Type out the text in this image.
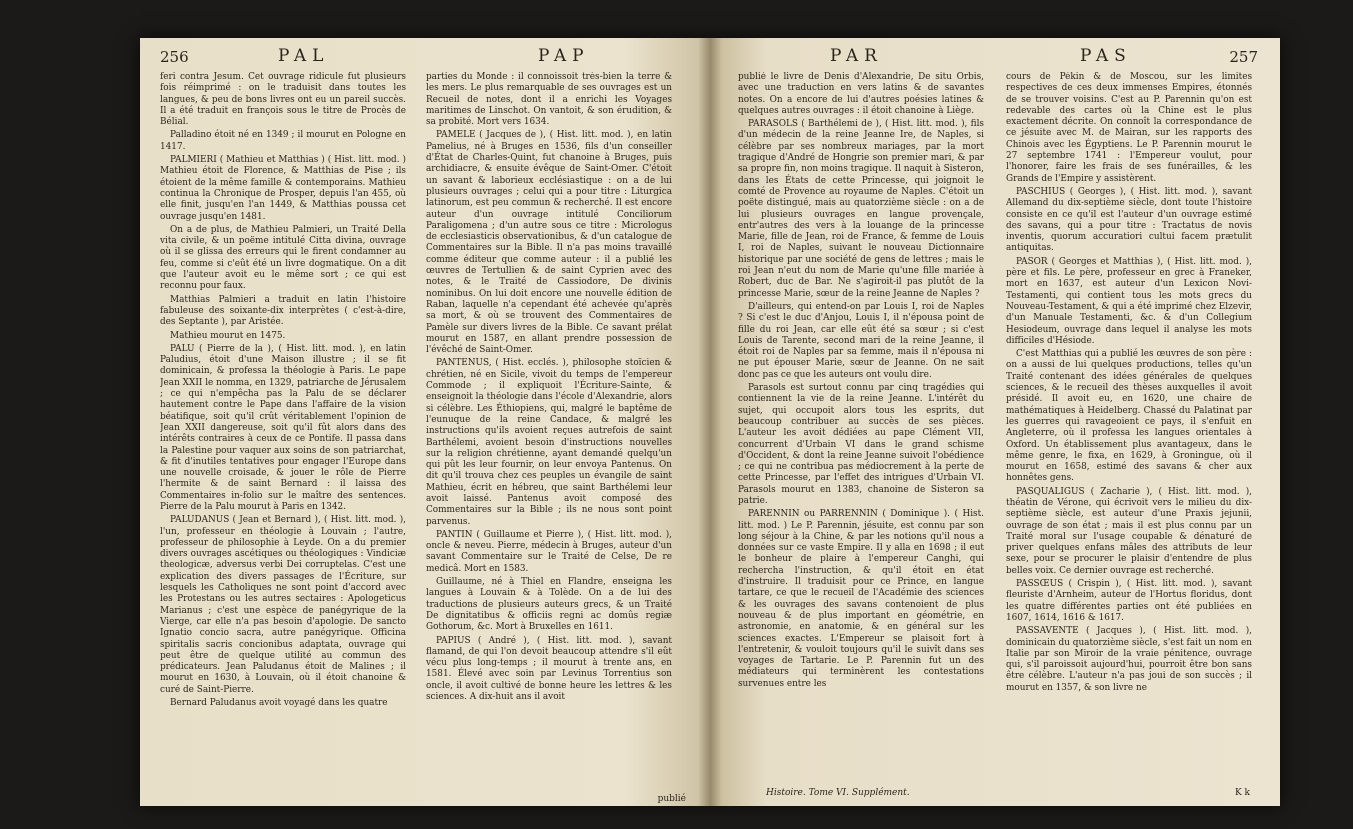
256	PAL	PAP

feri contra Jesum. Cet ouvrage ridicule fut plusieurs fois réimprimé : on le traduisit dans toutes les langues, & peu de bons livres ont eu un pareil succès. Il a été traduit en françois sous le titre de Procès de Bélial.

Palladino étoit né en 1349 ; il mourut en Pologne en 1417.

PALMIERI ( Mathieu et Matthias ) ( Hist. litt. mod. ) Mathieu étoit de Florence, & Matthias de Pise ; ils étoient de la même famille & contemporains. Mathieu continua la Chronique de Prosper, depuis l'an 455, où elle finit, jusqu'en l'an 1449, & Matthias poussa cet ouvrage jusqu'en 1481.

On a de plus, de Mathieu Palmieri, un Traité Della vita civile, & un poëme intitulé Citta divina, ouvrage où il se glissa des erreurs qui le firent condamner au feu, comme si c'eût été un livre dogmatique. On a dit que l'auteur avoit eu le même sort ; ce qui est reconnu pour faux.

Matthias Palmieri a traduit en latin l'histoire fabuleuse des soixante-dix interprètes ( c'est-à-dire, des Septante ), par Aristée.

Mathieu mourut en 1475.

PALU ( Pierre de la ), ( Hist. litt. mod. ), en latin Paludius, étoit d'une Maison illustre ; il se fit dominicain, & professa la théologie à Paris. Le pape Jean XXII le nomma, en 1329, patriarche de Jérusalem ; ce qui n'empêcha pas la Palu de se déclarer hautement contre le Pape dans l'affaire de la vision béatifique, soit qu'il crût véritablement l'opinion de Jean XXII dangereuse, soit qu'il fût alors dans des intérêts contraires à ceux de ce Pontife. Il passa dans la Palestine pour vaquer aux soins de son patriarchat, & fit d'inutiles tentatives pour engager l'Europe dans une nouvelle croisade, & jouer le rôle de Pierre l'hermite & de saint Bernard : il laissa des Commentaires in-folio sur le maître des sentences. Pierre de la Palu mourut à Paris en 1342.

PALUDANUS ( Jean et Bernard ), ( Hist. litt. mod. ), l'un, professeur en théologie à Louvain ; l'autre, professeur de philosophie à Leyde. On a du premier divers ouvrages ascétiques ou théologiques : Vindiciæ theologicæ, adversus verbi Dei corruptelas. C'est une explication des divers passages de l'Écriture, sur lesquels les Catholiques ne sont point d'accord avec les Protestans ou les autres sectaires : Apologeticus Marianus ; c'est une espèce de panégyrique de la Vierge, car elle n'a pas besoin d'apologie. De sancto Ignatio concio sacra, autre panégyrique. Officina spiritalis sacris concionibus adaptata, ouvrage qui peut être de quelque utilité au commun des prédicateurs. Jean Paludanus étoit de Malines ; il mourut en 1630, à Louvain, où il étoit chanoine & curé de Saint-Pierre.

Bernard Paludanus avoit voyagé dans les quatre

parties du Monde : il connoissoit très-bien la terre & les mers. Le plus remarquable de ses ouvrages est un Recueil de notes, dont il a enrichi les Voyages maritimes de Linschot. On vantoit, & son érudition, & sa probité. Mort vers 1634.

PAMELE ( Jacques de ), ( Hist. litt. mod. ), en latin Pamelius, né à Bruges en 1536, fils d'un conseiller d'État de Charles-Quint, fut chanoine à Bruges, puis archidiacre, & ensuite évêque de Saint-Omer. C'étoit un savant & laborieux ecclésiastique : on a de lui plusieurs ouvrages ; celui qui a pour titre : Liturgica latinorum, est peu commun & recherché. Il est encore auteur d'un ouvrage intitulé Conciliorum Paraligomena ; d'un autre sous ce titre : Micrologus de ecclesiasticis observationibus, & d'un catalogue de Commentaires sur la Bible. Il n'a pas moins travaillé comme éditeur que comme auteur : il a publié les œuvres de Tertullien & de saint Cyprien avec des notes, & le Traité de Cassiodore, De divinis nominibus. On lui doit encore une nouvelle édition de Raban, laquelle n'a cependant été achevée qu'après sa mort, & où se trouvent des Commentaires de Pamèle sur divers livres de la Bible. Ce savant prélat mourut en 1587, en allant prendre possession de l'évêché de Saint-Omer.

PANTENUS, ( Hist. ecclés. ), philosophe stoïcien & chrétien, né en Sicile, vivoit du temps de l'empereur Commode ; il expliquoit l'Écriture-Sainte, & enseignoit la théologie dans l'école d'Alexandrie, alors si célèbre. Les Éthiopiens, qui, malgré le baptême de l'eunuque de la reine Candace, & malgré les instructions qu'ils avoient reçues autrefois de saint Barthélemi, avoient besoin d'instructions nouvelles sur la religion chrétienne, ayant demandé quelqu'un qui pût les leur fournir, on leur envoya Pantenus. On dit qu'il trouva chez ces peuples un évangile de saint Mathieu, écrit en hébreu, que saint Barthélemi leur avoit laissé. Pantenus avoit composé des Commentaires sur la Bible ; ils ne nous sont point parvenus.

PANTIN ( Guillaume et Pierre ), ( Hist. litt. mod. ), oncle & neveu. Pierre, médecin à Bruges, auteur d'un savant Commentaire sur le Traité de Celse, De re medicâ. Mort en 1583.

Guillaume, né à Thiel en Flandre, enseigna les langues à Louvain & à Tolède. On a de lui des traductions de plusieurs auteurs grecs, & un Traité De dignitatibus & officiis regni ac domûs regiæ Gothorum, &c. Mort à Bruxelles en 1611.

PAPIUS ( André ), ( Hist. litt. mod. ), savant flamand, de qui l'on devoit beaucoup attendre s'il eût vécu plus long-temps ; il mourut à trente ans, en 1581. Élevé avec soin par Levinus Torrentius son oncle, il avoit cultivé de bonne heure les lettres & les sciences. A dix-huit ans il avoit

publié
PAR	PAS	257

publié le livre de Denis d'Alexandrie, De situ Orbis, avec une traduction en vers latins & de savantes notes. On a encore de lui d'autres poésies latines & quelques autres ouvrages : il étoit chanoine à Liège.

PARASOLS ( Barthélemi de ), ( Hist. litt. mod. ), fils d'un médecin de la reine Jeanne Ire, de Naples, si célèbre par ses nombreux mariages, par la mort tragique d'André de Hongrie son premier mari, & par sa propre fin, non moins tragique. Il naquit à Sisteron, dans les États de cette Princesse, qui joignoit le comté de Provence au royaume de Naples. C'étoit un poëte distingué, mais au quatorzième siècle : on a de lui plusieurs ouvrages en langue provençale, entr'autres des vers à la louange de la princesse Marie, fille de Jean, roi de France, & femme de Louis I, roi de Naples, suivant le nouveau Dictionnaire historique par une société de gens de lettres ; mais le roi Jean n'eut du nom de Marie qu'une fille mariée à Robert, duc de Bar. Ne s'agiroit-il pas plutôt de la princesse Marie, sœur de la reine Jeanne de Naples ?

D'ailleurs, qui entend-on par Louis I, roi de Naples ? Si c'est le duc d'Anjou, Louis I, il n'épousa point de fille du roi Jean, car elle eût été sa sœur ; si c'est Louis de Tarente, second mari de la reine Jeanne, il étoit roi de Naples par sa femme, mais il n'épousa ni ne put épouser Marie, sœur de Jeanne. On ne sait donc pas ce que les auteurs ont voulu dire.

Parasols est surtout connu par cinq tragédies qui contiennent la vie de la reine Jeanne. L'intérêt du sujet, qui occupoit alors tous les esprits, dut beaucoup contribuer au succès de ses pièces. L'auteur les avoit dédiées au pape Clément VII, concurrent d'Urbain VI dans le grand schisme d'Occident, & dont la reine Jeanne suivoit l'obédience ; ce qui ne contribua pas médiocrement à la perte de cette Princesse, par l'effet des intrigues d'Urbain VI. Parasols mourut en 1383, chanoine de Sisteron sa patrie.

PARENNIN ou PARRENNIN ( Dominique ). ( Hist. litt. mod. ) Le P. Parennin, jésuite, est connu par son long séjour à la Chine, & par les notions qu'il nous a données sur ce vaste Empire. Il y alla en 1698 ; il eut le bonheur de plaire à l'empereur Canghi, qui rechercha l'instruction, & qu'il étoit en état d'instruire. Il traduisit pour ce Prince, en langue tartare, ce que le recueil de l'Académie des sciences & les ouvrages des savans contenoient de plus nouveau & de plus important en géométrie, en astronomie, en anatomie, & en général sur les sciences exactes. L'Empereur se plaisoit fort à l'entretenir, & vouloit toujours qu'il le suivît dans ses voyages de Tartarie. Le P. Parennin fut un des médiateurs qui terminèrent les contestations survenues entre les

Histoire. Tome VI. Supplément.

cours de Pékin & de Moscou, sur les limites respectives de ces deux immenses Empires, étonnés de se trouver voisins. C'est au P. Parennin qu'on est redevable des cartes où la Chine est le plus exactement décrite. On connoît la correspondance de ce jésuite avec M. de Mairan, sur les rapports des Chinois avec les Égyptiens. Le P. Parennin mourut le 27 septembre 1741 : l'Empereur voulut, pour l'honorer, faire les frais de ses funérailles, & les Grands de l'Empire y assistèrent.

PASCHIUS ( Georges ), ( Hist. litt. mod. ), savant Allemand du dix-septième siècle, dont toute l'histoire consiste en ce qu'il est l'auteur d'un ouvrage estimé des savans, qui a pour titre : Tractatus de novis inventis, quorum accuratiori cultui facem prætulit antiquitas.

PASOR ( Georges et Matthias ), ( Hist. litt. mod. ), père et fils. Le père, professeur en grec à Franeker, mort en 1637, est auteur d'un Lexicon Novi-Testamenti, qui contient tous les mots grecs du Nouveau-Testament, & qui a été imprimé chez Elzevir, d'un Manuale Testamenti, &c. & d'un Collegium Hesiodeum, ouvrage dans lequel il analyse les mots difficiles d'Hésiode.

C'est Matthias qui a publié les œuvres de son père : on a aussi de lui quelques productions, telles qu'un Traité contenant des idées générales de quelques sciences, & le recueil des thèses auxquelles il avoit présidé. Il avoit eu, en 1620, une chaire de mathématiques à Heidelberg. Chassé du Palatinat par les guerres qui ravageoient ce pays, il s'enfuit en Angleterre, où il professa les langues orientales à Oxford. Un établissement plus avantageux, dans le même genre, le fixa, en 1629, à Groningue, où il mourut en 1658, estimé des savans & cher aux honnêtes gens.

PASQUALIGUS ( Zacharie ), ( Hist. litt. mod. ), théatin de Vérone, qui écrivoit vers le milieu du dix-septième siècle, est auteur d'une Praxis jejunii, ouvrage de son état ; mais il est plus connu par un Traité moral sur l'usage coupable & dénaturé de priver quelques enfans mâles des attributs de leur sexe, pour se procurer le plaisir d'entendre de plus belles voix. Ce dernier ouvrage est recherché.

PASSŒUS ( Crispin ), ( Hist. litt. mod. ), savant fleuriste d'Arnheim, auteur de l'Hortus floridus, dont les quatre différentes parties ont été publiées en 1607, 1614, 1616 & 1617.

PASSAVENTE ( Jacques ), ( Hist. litt. mod. ), dominicain du quatorzième siècle, s'est fait un nom en Italie par son Miroir de la vraie pénitence, ouvrage qui, s'il paroissoit aujourd'hui, pourroit être bon sans être célèbre. L'auteur n'a pas joui de son succès ; il mourut en 1357, & son livre ne

K k
